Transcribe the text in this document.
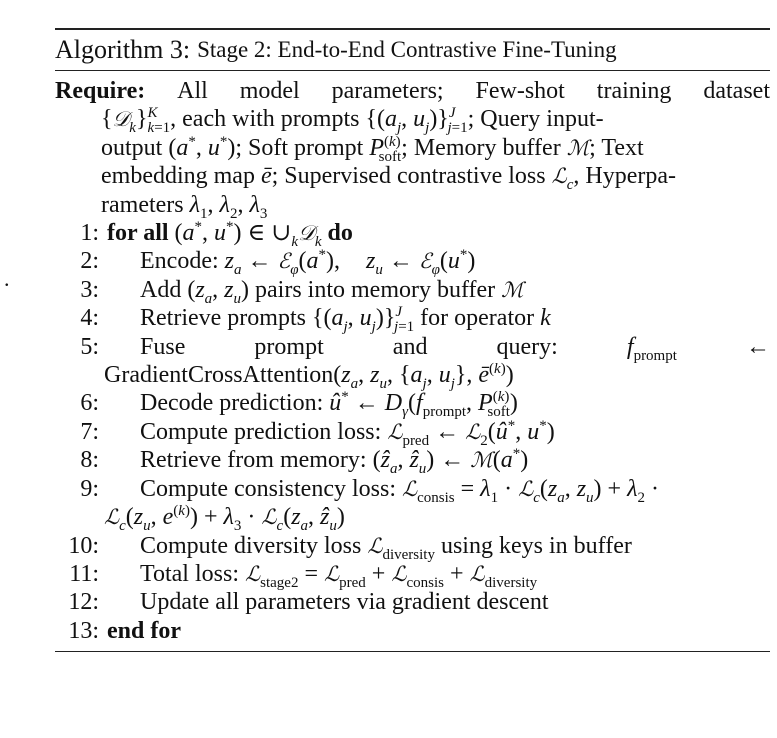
.
Algorithm 3: Stage 2: End-to-End Contrastive Fine-Tuning
Require: All model parameters; Few-shot training dataset
{𝒟$_k$}$^K_{k=1}$, each with prompts {($a_j$, $u_j)\}^J_{j=1}$; Query input-
output (a*, u*); Soft prompt $P^{(k)}_{soft}$; Memory buffer ℳ; Text
embedding map ē; Supervised contrastive loss ℒ$_c$, Hyperpa-
rameters $\lambda_1$, $\lambda_2$, $\lambda_3$
1: for all (a*, u*) ∈ $\cup_k𝒟_k$ do
2:	Encode: $z_a$ ← ℰ$_\varphi$(a*), $z_u$ ← ℰ$_\varphi$(u*)
3:	Add ($z_a$, $z_u$) pairs into memory buffer ℳ
4:	Retrieve prompts {($a_j$, $u_j)\}^J_{j=1}$ for operator k
5: Fuse	prompt	and	query:	$f_{prompt}$	←
$GradientCrossAttention(z_a$, $z_u$, {$a_j$, $u_j$}, $ē^{(k)}$)
6:	Decode prediction: û* ← $D_\gamma(f_{prompt}$, $P^{(k)}_{soft}$)
7:	Compute prediction loss: ℒ$_{pred}$ ← ℒ$_2$(û*, u*)
8:	Retrieve from memory: (ẑ$_a$, ẑ$_u$) ← ℳ(a*)
9:	Compute consistency loss: ℒ$_{consis}$ = $\lambda_1$ · $ℒ_c(z_a$, $z_u) + \lambda_2$ ·
$ℒ_c(z_u$, $e^{(k)}) + \lambda_3$ · $ℒ_c(z_a$, ẑ$_u$)
10:	Compute diversity loss ℒ$_{diversity}$ using keys in buffer
11:	Total loss: ℒ$_{stage2}$ = ℒ$_{pred}$ + ℒ$_{consis}$ + ℒ$_{diversity}$
12:	Update all parameters via gradient descent
13: end for
